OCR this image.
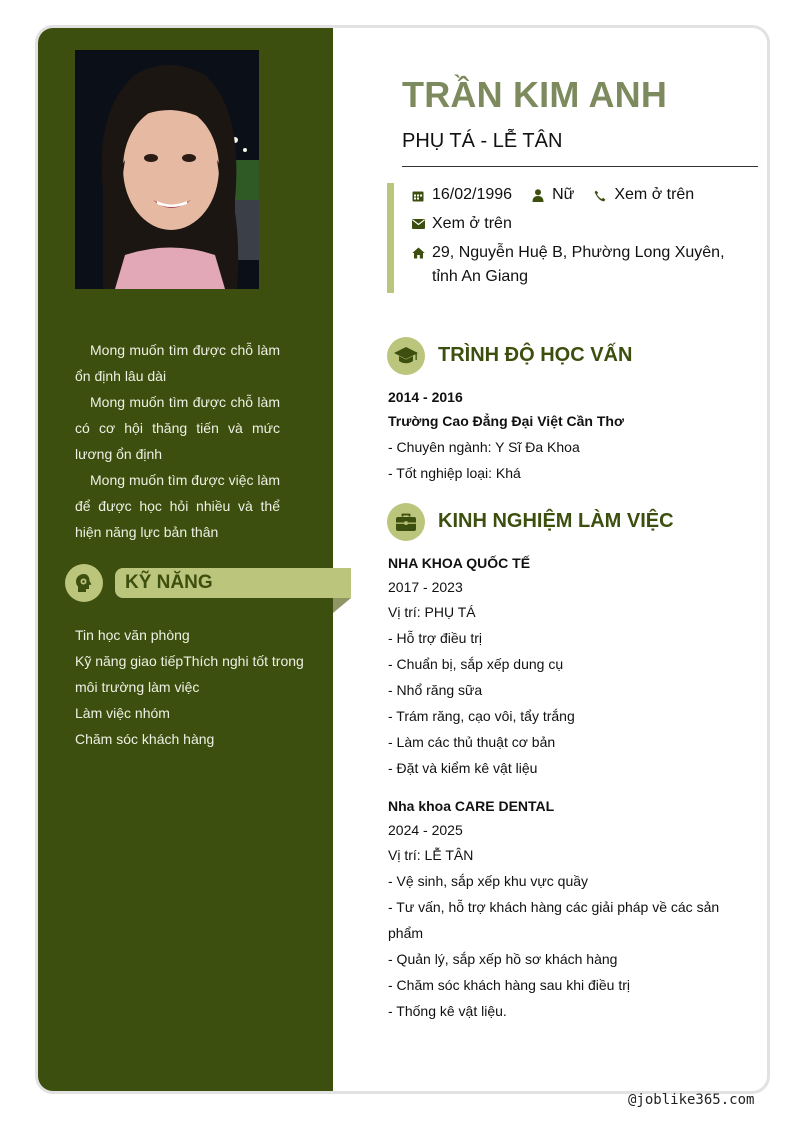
Mong muốn tìm được chỗ làm ổn định lâu dài

Mong muốn tìm được chỗ làm có cơ hội thăng tiến và mức lương ổn định

Mong muốn tìm được việc làm để được học hỏi nhiều và thể hiện năng lực bản thân

KỸ NĂNG
Tin học văn phòng
Kỹ năng giao tiếpThích nghi tốt trong môi trường làm việc
Làm việc nhóm
Chăm sóc khách hàng
TRẦN KIM ANH
PHỤ TÁ - LỄ TÂN
16/02/1996	Nữ	Xem ở trên
Xem ở trên
29, Nguyễn Huệ B, Phường Long Xuyên, tỉnh An Giang
TRÌNH ĐỘ HỌC VẤN
2014 - 2016
Trường Cao Đẳng Đại Việt Cần Thơ
- Chuyên ngành: Y Sĩ Đa Khoa
- Tốt nghiệp loại: Khá
KINH NGHIỆM LÀM VIỆC
NHA KHOA QUỐC TẾ
2017 - 2023
Vị trí: PHỤ TÁ
- Hỗ trợ điều trị
- Chuẩn bị, sắp xếp dung cụ
- Nhổ răng sữa
- Trám răng, cạo vôi, tẩy trắng
- Làm các thủ thuật cơ bản
- Đặt và kiểm kê vật liệu
Nha khoa CARE DENTAL
2024 - 2025
Vị trí: LỄ TÂN
- Vệ sinh, sắp xếp khu vực quầy
- Tư vấn, hỗ trợ khách hàng các giải pháp về các sản phẩm
- Quản lý, sắp xếp hồ sơ khách hàng
- Chăm sóc khách hàng sau khi điều trị
- Thống kê vật liệu.
@joblike365.com
